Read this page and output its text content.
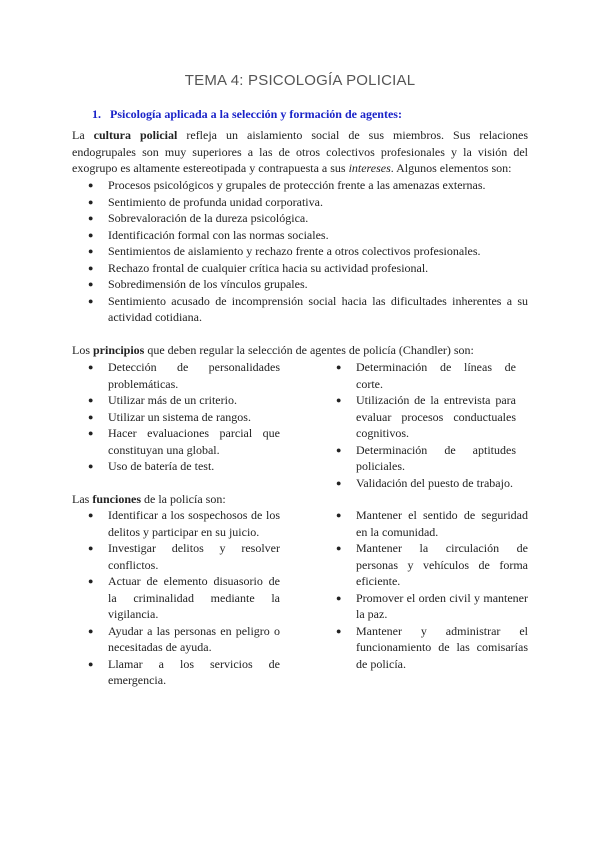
TEMA 4: PSICOLOGÍA POLICIAL
1. Psicología aplicada a la selección y formación de agentes:
La cultura policial refleja un aislamiento social de sus miembros. Sus relaciones endogrupales son muy superiores a las de otros colectivos profesionales y la visión del exogrupo es altamente estereotipada y contrapuesta a sus intereses. Algunos elementos son:
● Procesos psicológicos y grupales de protección frente a las amenazas externas.
● Sentimiento de profunda unidad corporativa.
● Sobrevaloración de la dureza psicológica.
● Identificación formal con las normas sociales.
● Sentimientos de aislamiento y rechazo frente a otros colectivos profesionales.
● Rechazo frontal de cualquier crítica hacia su actividad profesional.
● Sobredimensión de los vínculos grupales.
● Sentimiento acusado de incomprensión social hacia las dificultades inherentes a su actividad cotidiana.
Los principios que deben regular la selección de agentes de policía (Chandler) son:
● Detección de personalidades problemáticas.
● Utilizar más de un criterio.
● Utilizar un sistema de rangos.
● Hacer evaluaciones parcial que constituyan una global.
● Uso de batería de test.
● Determinación de líneas de corte.
● Utilización de la entrevista para evaluar procesos conductuales cognitivos.
● Determinación de aptitudes policiales.
● Validación del puesto de trabajo.
Las funciones de la policía son:
● Identificar a los sospechosos de los delitos y participar en su juicio.
● Investigar delitos y resolver conflictos.
● Actuar de elemento disuasorio de la criminalidad mediante la vigilancia.
● Ayudar a las personas en peligro o necesitadas de ayuda.
● Llamar a los servicios de emergencia.
● Mantener el sentido de seguridad en la comunidad.
● Mantener la circulación de personas y vehículos de forma eficiente.
● Promover el orden civil y mantener la paz.
● Mantener y administrar el funcionamiento de las comisarías de policía.
